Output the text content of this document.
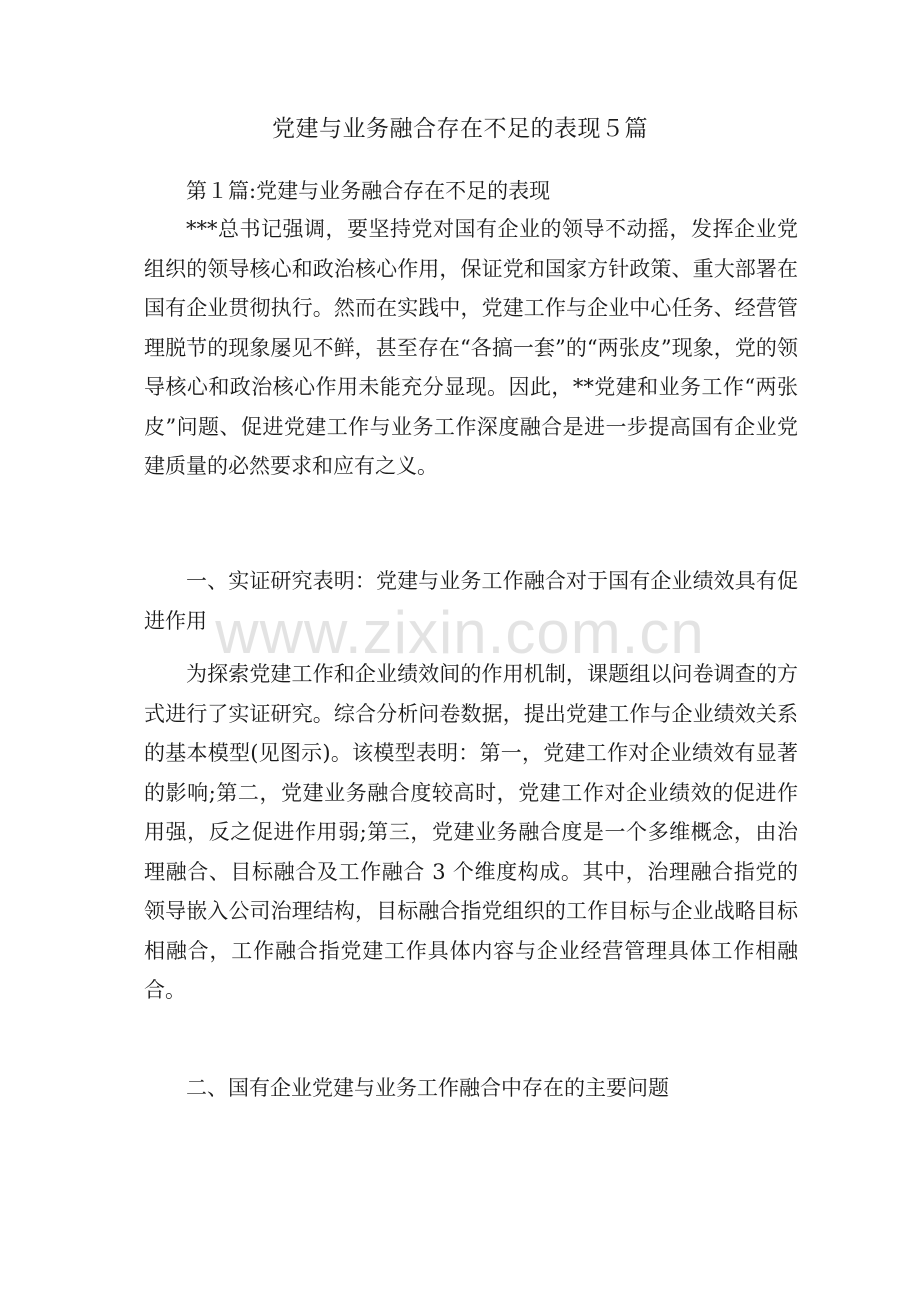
党建与业务融合存在不足的表现５篇

第１篇:党建与业务融合存在不足的表现

***总书记强调，要坚持党对国有企业的领导不动摇，发挥企业党组织的领导核心和政治核心作用，保证党和国家方针政策、重大部署在国有企业贯彻执行。然而在实践中，党建工作与企业中心任务、经营管理脱节的现象屡见不鲜，甚至存在“各搞一套”的“两张皮”现象，党的领导核心和政治核心作用未能充分显现。因此，**党建和业务工作“两张皮”问题、促进党建工作与业务工作深度融合是进一步提高国有企业党建质量的必然要求和应有之义。

一、实证研究表明：党建与业务工作融合对于国有企业绩效具有促进作用

为探索党建工作和企业绩效间的作用机制，课题组以问卷调查的方式进行了实证研究。综合分析问卷数据，提出党建工作与企业绩效关系的基本模型(见图示)。该模型表明：第一，党建工作对企业绩效有显著的影响;第二，党建业务融合度较高时，党建工作对企业绩效的促进作用强，反之促进作用弱;第三，党建业务融合度是一个多维概念，由治理融合、目标融合及工作融合 3 个维度构成。其中，治理融合指党的领导嵌入公司治理结构，目标融合指党组织的工作目标与企业战略目标相融合，工作融合指党建工作具体内容与企业经营管理具体工作相融合。

二、国有企业党建与业务工作融合中存在的主要问题

www.zixin.com.cn
